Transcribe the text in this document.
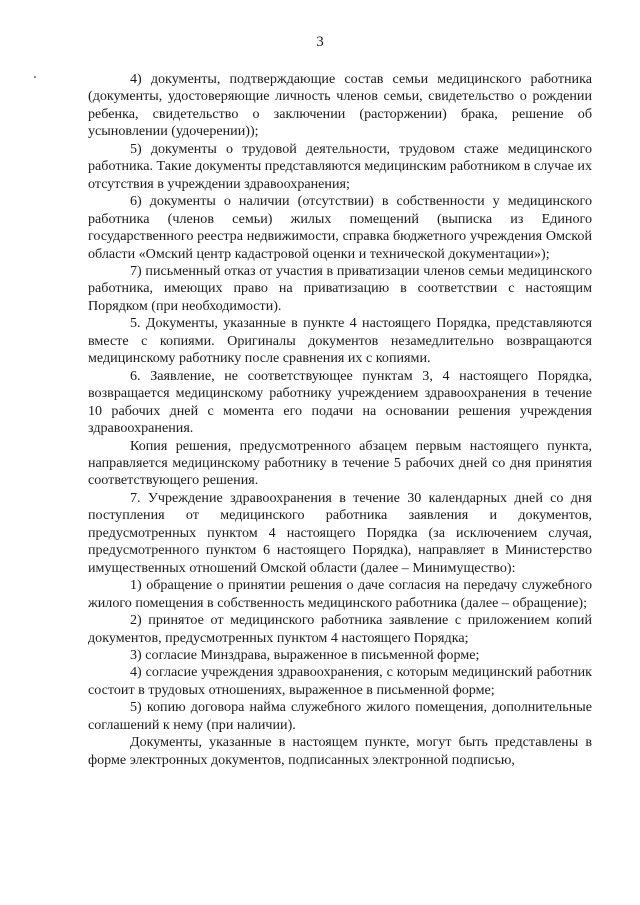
3

4) документы, подтверждающие состав семьи медицинского работника (документы, удостоверяющие личность членов семьи, свидетельство о рождении ребенка, свидетельство о заключении (расторжении) брака, решение об усыновлении (удочерении));

5) документы о трудовой деятельности, трудовом стаже медицинского работника. Такие документы представляются медицинским работником в случае их отсутствия в учреждении здравоохранения;

6) документы о наличии (отсутствии) в собственности у медицинского работника (членов семьи) жилых помещений (выписка из Единого государственного реестра недвижимости, справка бюджетного учреждения Омской области «Омский центр кадастровой оценки и технической документации»);

7) письменный отказ от участия в приватизации членов семьи медицинского работника, имеющих право на приватизацию в соответствии с настоящим Порядком (при необходимости).

5. Документы, указанные в пункте 4 настоящего Порядка, представляются вместе с копиями. Оригиналы документов незамедлительно возвращаются медицинскому работнику после сравнения их с копиями.

6. Заявление, не соответствующее пунктам 3, 4 настоящего Порядка, возвращается медицинскому работнику учреждением здравоохранения в течение 10 рабочих дней с момента его подачи на основании решения учреждения здравоохранения.

Копия решения, предусмотренного абзацем первым настоящего пункта, направляется медицинскому работнику в течение 5 рабочих дней со дня принятия соответствующего решения.

7. Учреждение здравоохранения в течение 30 календарных дней со дня поступления от медицинского работника заявления и документов, предусмотренных пунктом 4 настоящего Порядка (за исключением случая, предусмотренного пунктом 6 настоящего Порядка), направляет в Министерство имущественных отношений Омской области (далее – Минимущество):

1) обращение о принятии решения о даче согласия на передачу служебного жилого помещения в собственность медицинского работника (далее – обращение);

2) принятое от медицинского работника заявление с приложением копий документов, предусмотренных пунктом 4 настоящего Порядка;

3) согласие Минздрава, выраженное в письменной форме;

4) согласие учреждения здравоохранения, с которым медицинский работник состоит в трудовых отношениях, выраженное в письменной форме;

5) копию договора найма служебного жилого помещения, дополнительные соглашений к нему (при наличии).

Документы, указанные в настоящем пункте, могут быть представлены в форме электронных документов, подписанных электронной подписью,
